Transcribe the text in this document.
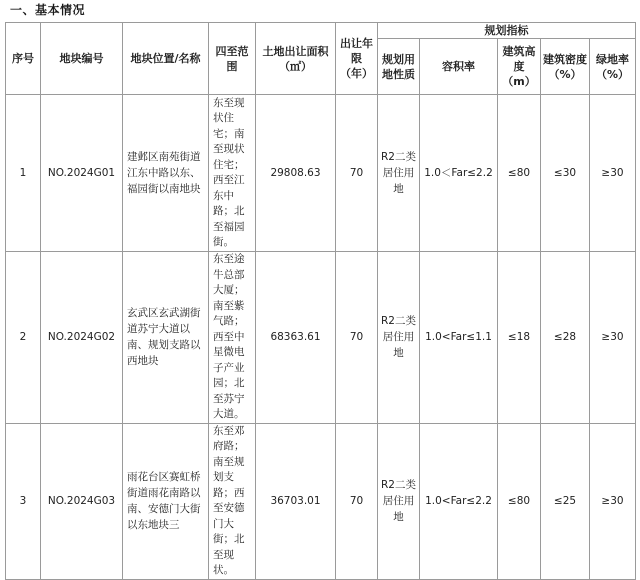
一、基本情况
序号	地块编号	地块位置/名称	四至范围	土地出让面积（㎡）	出让年限（年）	规划指标				
						规划用地性质	容积率	建筑高度（m）	建筑密度（%）	绿地率（%）
1	NO.2024G01	建邺区南苑街道江东中路以东、福园街以南地块	东至现状住宅；南至现状住宅；西至江东中路；北至福园街。	29808.63	70	R2二类居住用地	1.0＜Far≤2.2	≤80	≤30	≥30
2	NO.2024G02	玄武区玄武湖街道苏宁大道以南、规划支路以西地块	东至途牛总部大厦；南至紫气路；西至中星微电子产业园；北至苏宁大道。	68363.61	70	R2二类居住用地	1.0<Far≤1.1	≤18	≤28	≥30
3	NO.2024G03	雨花台区赛虹桥街道雨花南路以南、安德门大街以东地块三	东至邓府路；南至规划支路；西至安德门大街；北至现状。	36703.01	70	R2二类居住用地	1.0<Far≤2.2	≤80	≤25	≥30
